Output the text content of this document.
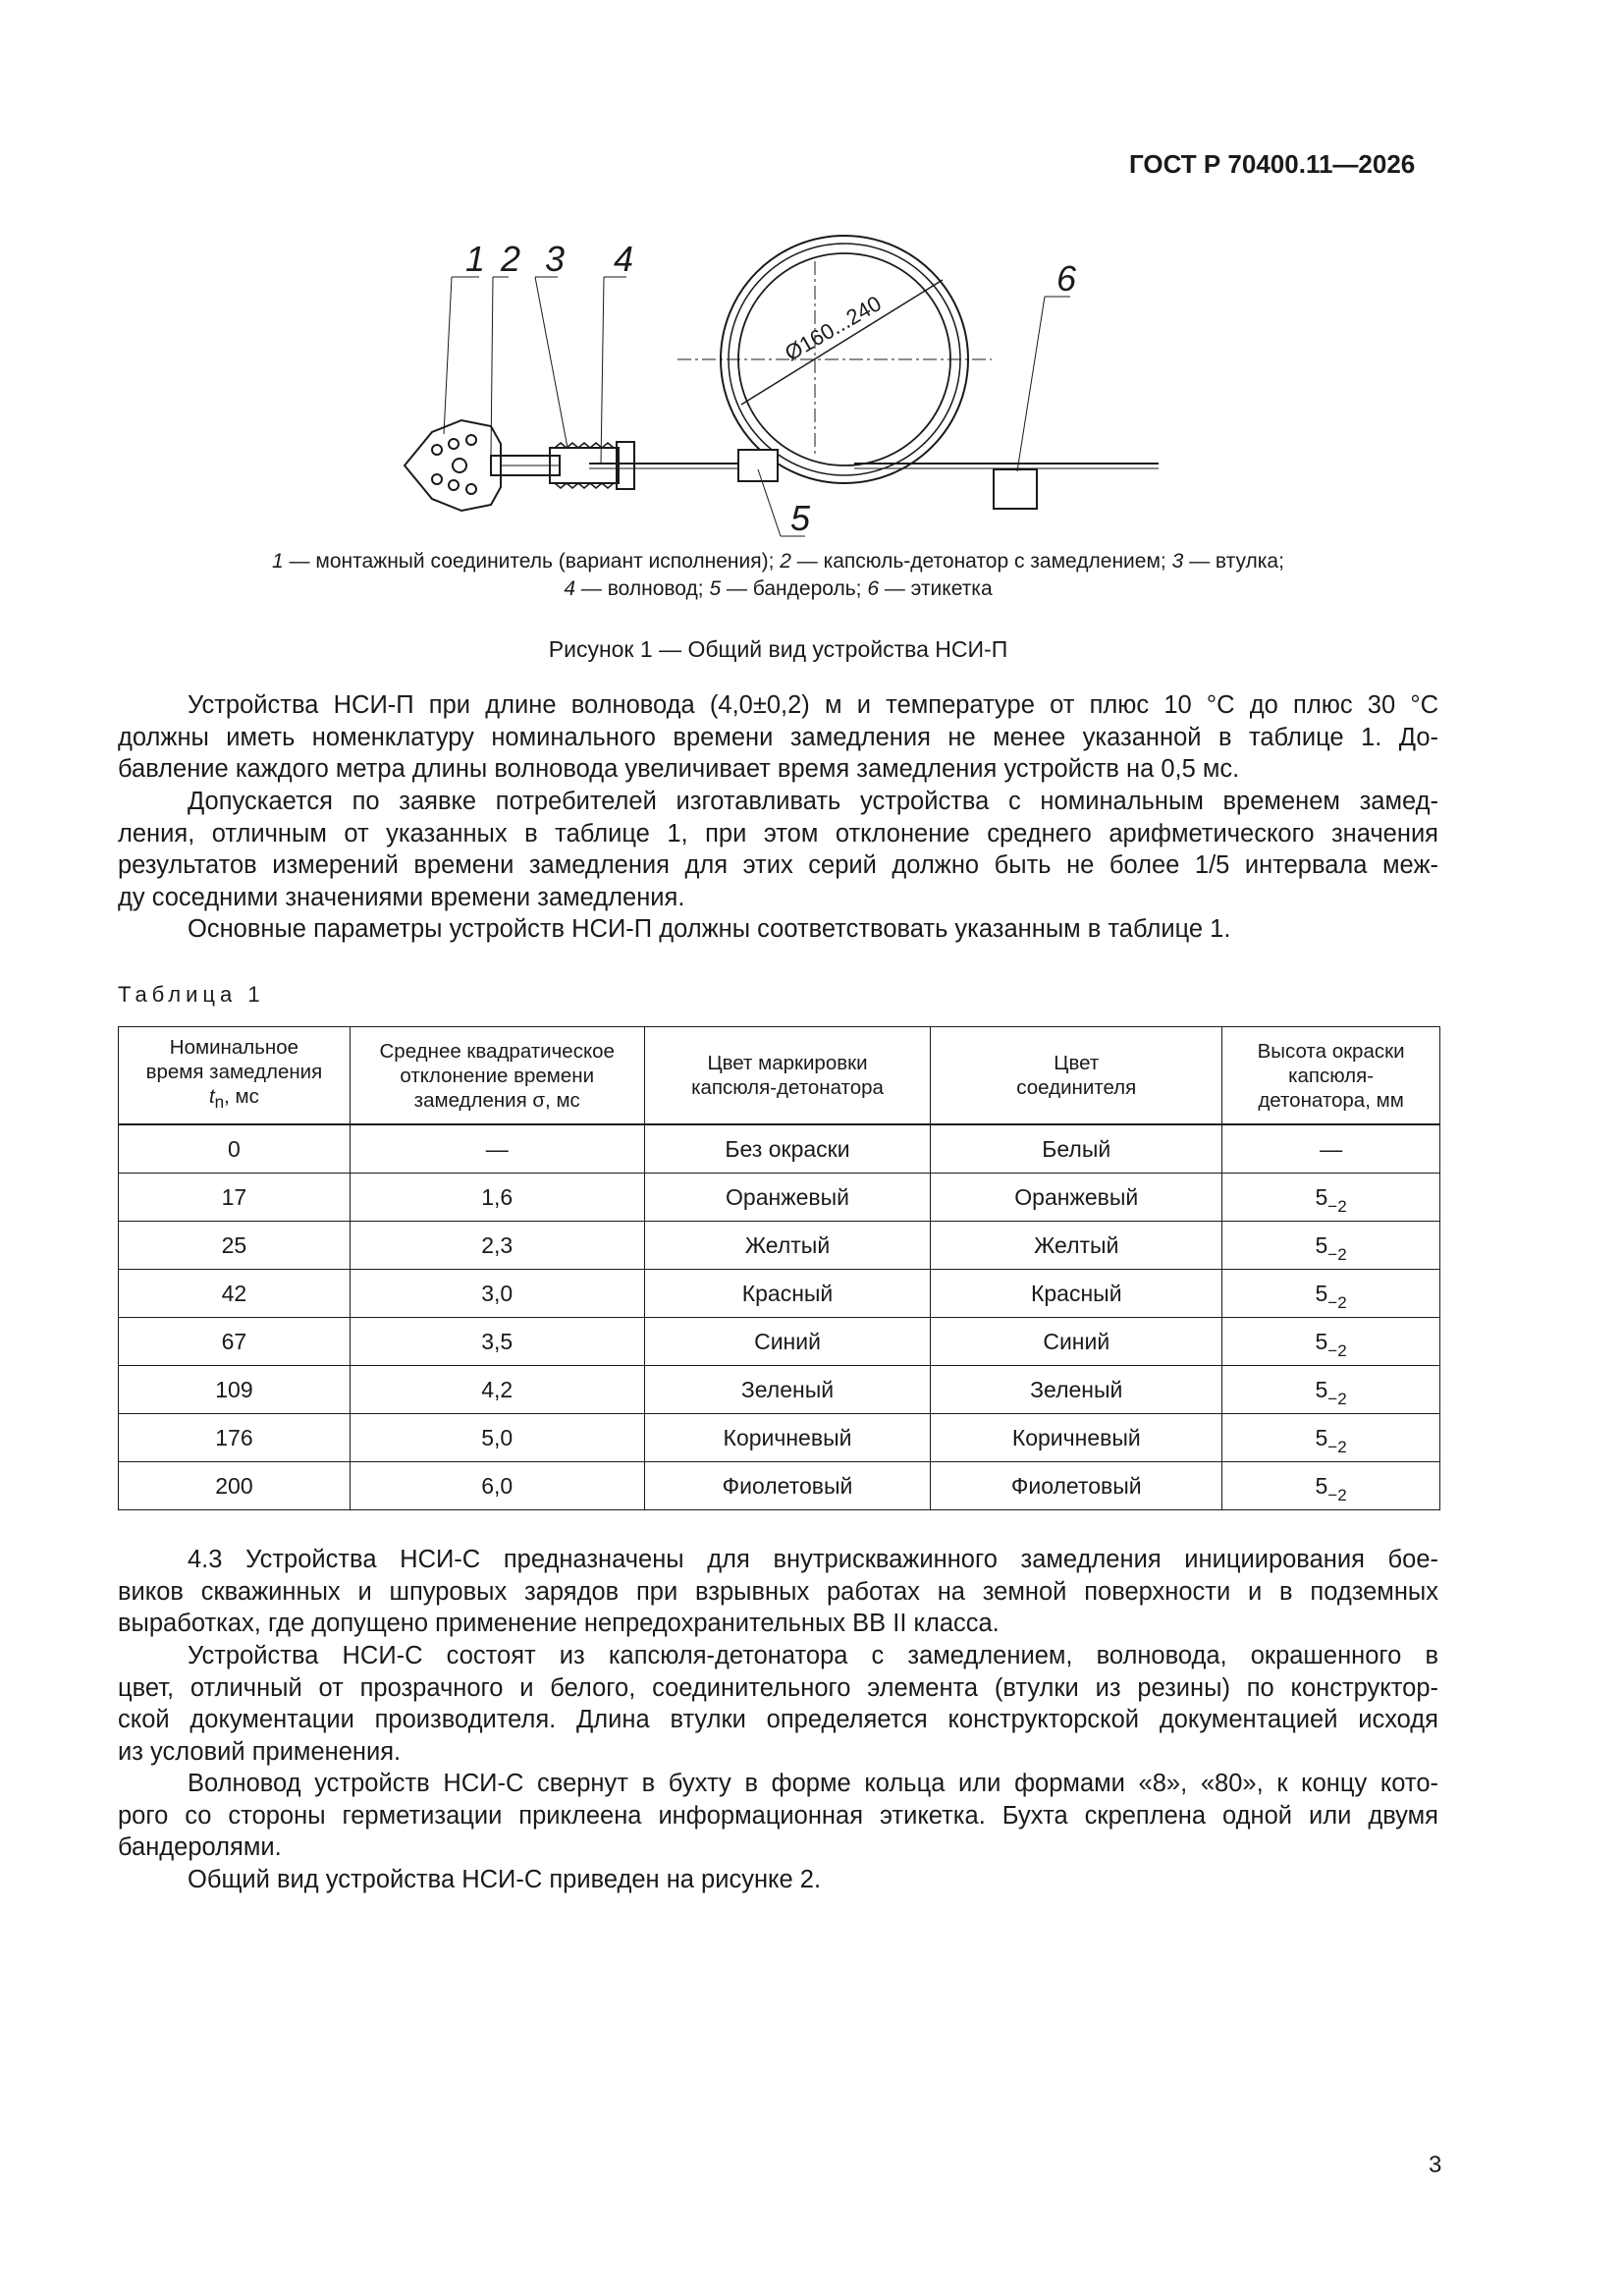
ГОСТ Р 70400.11—2026
1 2 3 4
5
6
Ø160...240
1 — монтажный соединитель (вариант исполнения); 2 — капсюль-детонатор с замедлением; 3 — втулка;
4 — волновод; 5 — бандероль; 6 — этикетка
Рисунок 1 — Общий вид устройства НСИ-П
Устройства НСИ-П при длине волновода (4,0±0,2) м и температуре от плюс 10 °С до плюс 30 °С
должны иметь номенклатуру номинального времени замедления не менее указанной в таблице 1. До-
бавление каждого метра длины волновода увеличивает время замедления устройств на 0,5 мс.
Допускается по заявке потребителей изготавливать устройства с номинальным временем замед-
ления, отличным от указанных в таблице 1, при этом отклонение среднего арифметического значения
результатов измерений времени замедления для этих серий должно быть не более 1/5 интервала меж-
ду соседними значениями времени замедления.
Основные параметры устройств НСИ-П должны соответствовать указанным в таблице 1.
Таблица 1
Номинальное
время замедления
$t_n$, мс	Среднее квадратическое
отклонение времени
замедления σ, мс	Цвет маркировки
капсюля-детонатора	Цвет
соединителя	Высота окраски
капсюля-
детонатора, мм
0	—	Без окраски	Белый	—
17	1,6	Оранжевый	Оранжевый	$5_{-2}$
25	2,3	Желтый	Желтый	$5_{-2}$
42	3,0	Красный	Красный	$5_{-2}$
67	3,5	Синий	Синий	$5_{-2}$
109	4,2	Зеленый	Зеленый	$5_{-2}$
176	5,0	Коричневый	Коричневый	$5_{-2}$
200	6,0	Фиолетовый	Фиолетовый	$5_{-2}$
4.3 Устройства НСИ-С предназначены для внутрискважинного замедления инициирования бое-
виков скважинных и шпуровых зарядов при взрывных работах на земной поверхности и в подземных
выработках, где допущено применение непредохранительных ВВ II класса.
Устройства НСИ-С состоят из капсюля-детонатора с замедлением, волновода, окрашенного в
цвет, отличный от прозрачного и белого, соединительного элемента (втулки из резины) по конструктор-
ской документации производителя. Длина втулки определяется конструкторской документацией исходя
из условий применения.
Волновод устройств НСИ-С свернут в бухту в форме кольца или формами «8», «80», к концу кото-
рого со стороны герметизации приклеена информационная этикетка. Бухта скреплена одной или двумя
бандеролями.
Общий вид устройства НСИ-С приведен на рисунке 2.
3
